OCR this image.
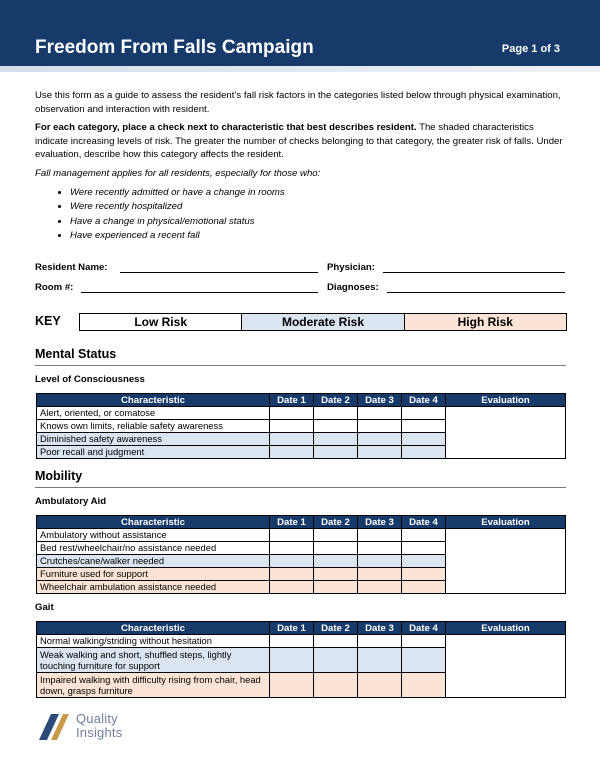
Freedom From Falls Campaign	Page 1 of 3
Use this form as a guide to assess the resident’s fall risk factors in the categories listed below through physical examination, observation and interaction with resident.
For each category, place a check next to characteristic that best describes resident. The shaded characteristics indicate increasing levels of risk. The greater the number of checks belonging to that category, the greater risk of falls. Under evaluation, describe how this category affects the resident.
Fall management applies for all residents, especially for those who:
• Were recently admitted or have a change in rooms
• Were recently hospitalized
• Have a change in physical/emotional status
• Have experienced a recent fall
Resident Name:	Physician:
Room #:	Diagnoses:
KEY	Low Risk	Moderate Risk	High Risk
Mental Status
Level of Consciousness
Characteristic	Date 1	Date 2	Date 3	Date 4	Evaluation
Alert, oriented, or comatose					
Knows own limits, reliable safety awareness					
Diminished safety awareness					
Poor recall and judgment					
Mobility
Ambulatory Aid
Characteristic	Date 1	Date 2	Date 3	Date 4	Evaluation
Ambulatory without assistance					
Bed rest/wheelchair/no assistance needed					
Crutches/cane/walker needed					
Furniture used for support					
Wheelchair ambulation assistance needed					
Gait
Characteristic	Date 1	Date 2	Date 3	Date 4	Evaluation
Normal walking/striding without hesitation					
Weak walking and short, shuffled steps, lightly touching furniture for support					
Impaired walking with difficulty rising from chair, head down, grasps furniture					
Quality
Insights
